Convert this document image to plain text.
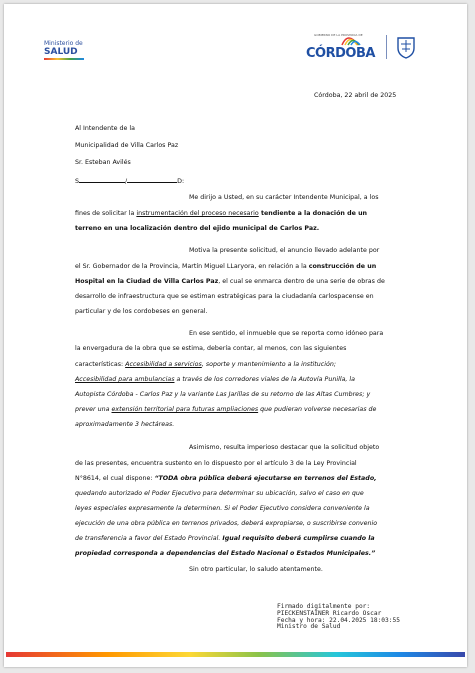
Ministerio de
SALUD
GOBIERNO DE LA PROVINCIA DE
CÓRDOBA
Córdoba, 22 abril de 2025
Al Intendente de la
Municipalidad de Villa Carlos Paz
Sr. Esteban Avilés
S	/	D:
Me dirijo a Usted, en su carácter Intendente Municipal, a los
fines de solicitar la instrumentación del proceso necesario tendiente a la donación de un
terreno en una localización dentro del ejido municipal de Carlos Paz.
Motiva la presente solicitud, el anuncio llevado adelante por
el Sr. Gobernador de la Provincia, Martín Miguel LLaryora, en relación a la construcción de un
Hospital en la Ciudad de Villa Carlos Paz, el cual se enmarca dentro de una serie de obras de
desarrollo de infraestructura que se estiman estratégicas para la ciudadanía carlospacense en
particular y de los cordobeses en general.
En ese sentido, el inmueble que se reporta como idóneo para
la envergadura de la obra que se estima, debería contar, al menos, con las siguientes
características: Accesibilidad a servicios, soporte y mantenimiento a la institución;
Accesibilidad para ambulancias a través de los corredores viales de la Autovía Punilla, la
Autopista Córdoba - Carlos Paz y la variante Las Jarillas de su retorno de las Altas Cumbres; y
prever una extensión territorial para futuras ampliaciones que pudieran volverse necesarias de
aproximadamente 3 hectáreas.
Asimismo, resulta imperioso destacar que la solicitud objeto
de las presentes, encuentra sustento en lo dispuesto por el artículo 3 de la Ley Provincial
N°8614, el cual dispone: “TODA obra pública deberá ejecutarse en terrenos del Estado,
quedando autorizado el Poder Ejecutivo para determinar su ubicación, salvo el caso en que
leyes especiales expresamente la determinen. Si el Poder Ejecutivo considera conveniente la
ejecución de una obra pública en terrenos privados, deberá expropiarse, o suscribirse convenio
de transferencia a favor del Estado Provincial. Igual requisito deberá cumplirse cuando la
propiedad corresponda a dependencias del Estado Nacional o Estados Municipales.”
Sin otro particular, lo saludo atentamente.
Firmado digitalmente por:
PIECKENSTAINER Ricardo Oscar
Fecha y hora: 22.04.2025 18:03:55
Ministro de Salud
